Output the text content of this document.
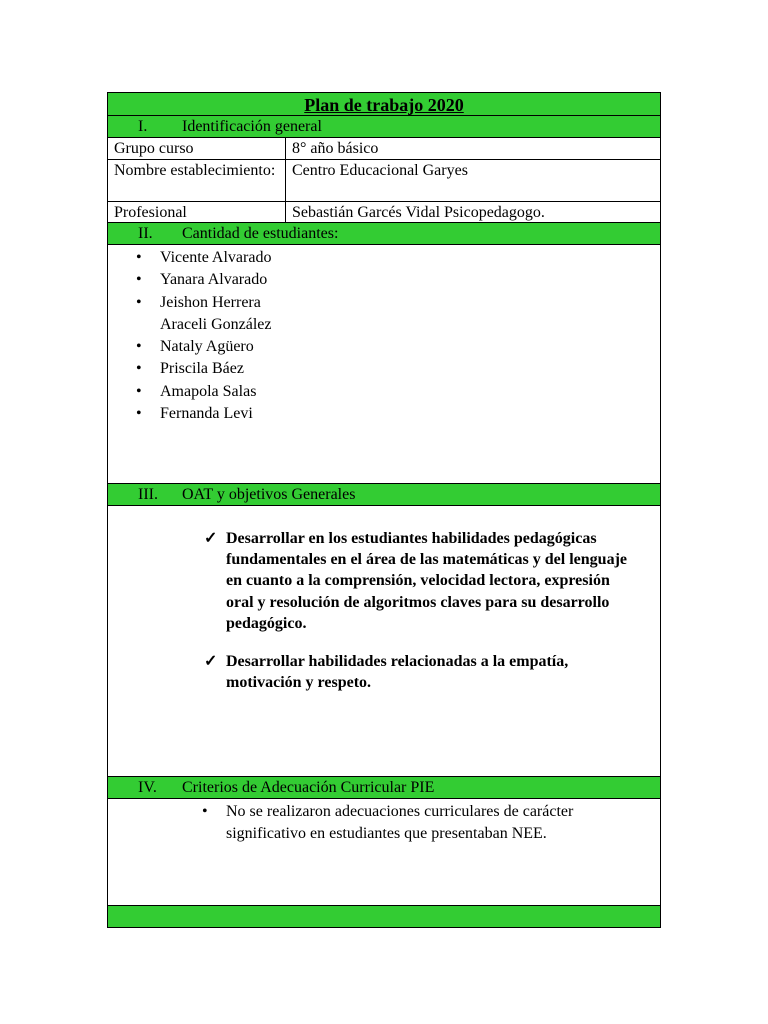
Plan de trabajo 2020
I. Identificación general
Grupo curso	8° año básico
Nombre establecimiento:	Centro Educacional Garyes
Profesional	Sebastián Garcés Vidal Psicopedagogo.
II. Cantidad de estudiantes:
• Vicente Alvarado
• Yanara Alvarado
• Jeishon Herrera
Araceli González
• Nataly Agüero
• Priscila Báez
• Amapola Salas
• Fernanda Levi
III. OAT y objetivos Generales
✓ Desarrollar en los estudiantes habilidades pedagógicas fundamentales en el área de las matemáticas y del lenguaje en cuanto a la comprensión, velocidad lectora, expresión oral y resolución de algoritmos claves para su desarrollo pedagógico.
✓ Desarrollar habilidades relacionadas a la empatía, motivación y respeto.
IV. Criterios de Adecuación Curricular PIE
• No se realizaron adecuaciones curriculares de carácter significativo en estudiantes que presentaban NEE.
